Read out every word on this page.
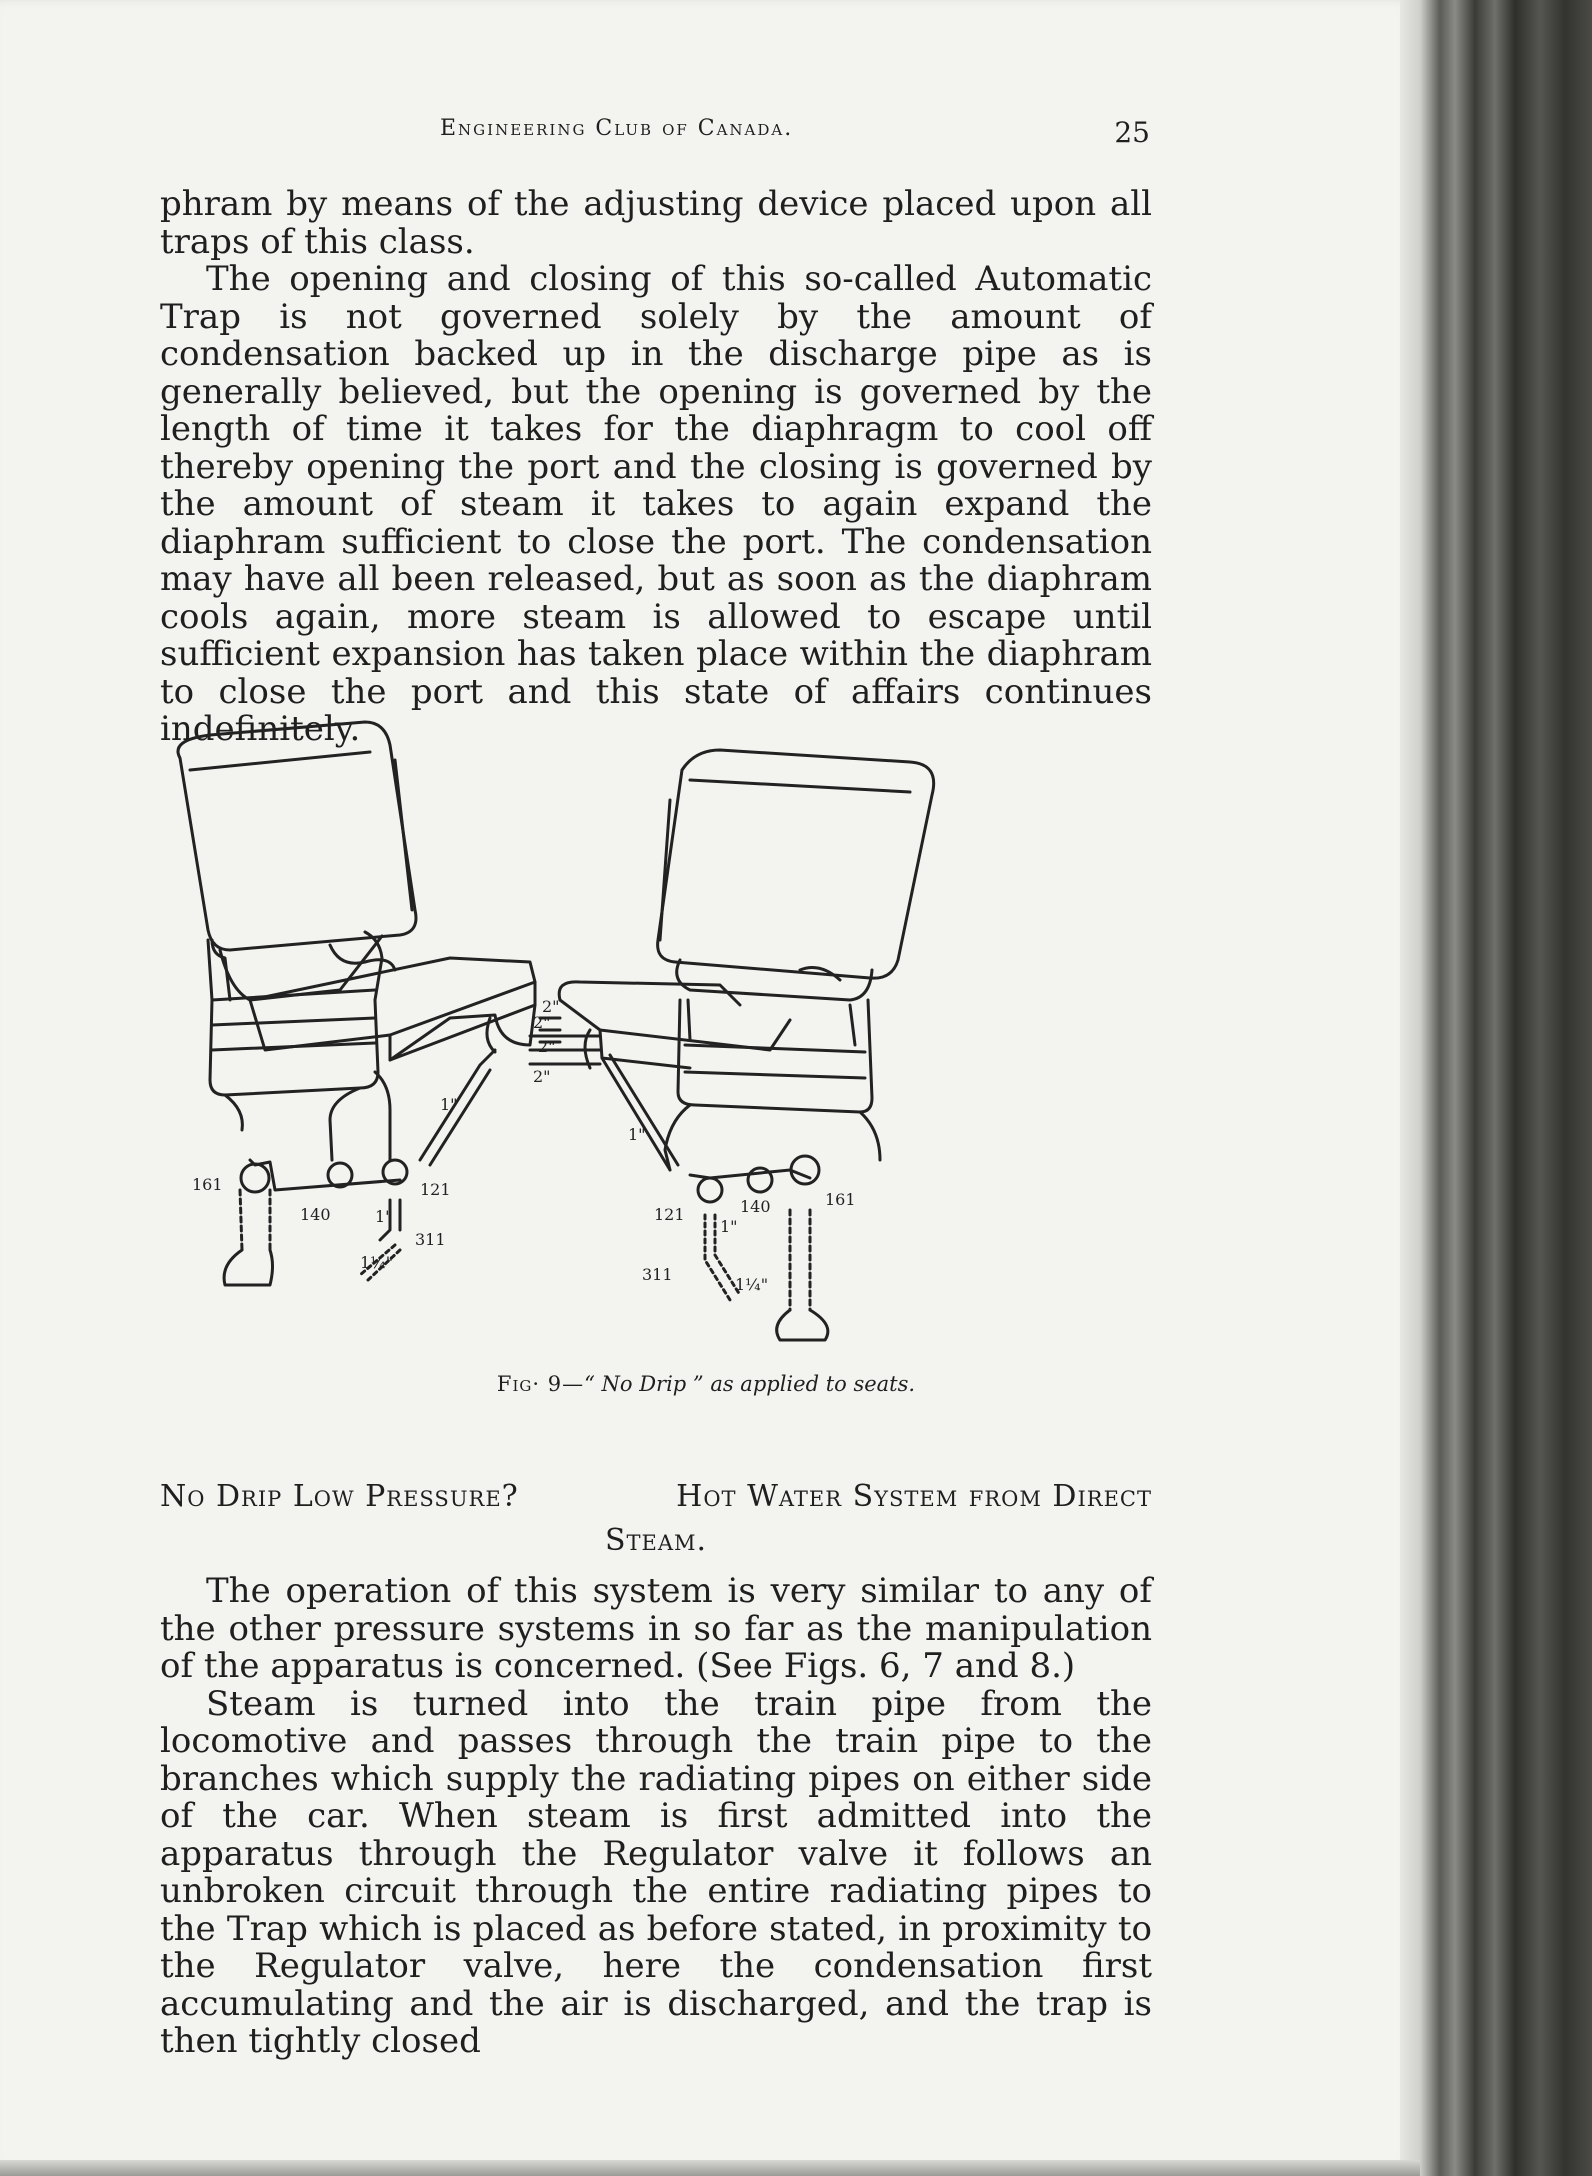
Engineering Club of Canada.	25

phram by means of the adjusting device placed upon all traps of this class.

The opening and closing of this so-called Automatic Trap is not governed solely by the amount of condensation backed up in the discharge pipe as is generally believed, but the opening is governed by the length of time it takes for the diaphragm to cool off thereby opening the port and the closing is governed by the amount of steam it takes to again expand the diaphram sufficient to close the port. The condensation may have all been released, but as soon as the diaphram cools again, more steam is allowed to escape until sufficient expansion has taken place within the diaphram to close the port and this state of affairs continues indefinitely.

2"
2"
1"
161
140
121
1"
311
1¼"
2"
2"
1"
121	140	161
1"
311
1¼"
Fig· 9—“ No Drip ” as applied to seats.
No Drip Low Pressure?	Hot Water System from Direct
Steam.

The operation of this system is very similar to any of the other pressure systems in so far as the manipulation of the apparatus is concerned. (See Figs. 6, 7 and 8.)

Steam is turned into the train pipe from the locomotive and passes through the train pipe to the branches which supply the radiating pipes on either side of the car. When steam is first admitted into the apparatus through the Regulator valve it follows an unbroken circuit through the entire radiating pipes to the Trap which is placed as before stated, in proximity to the Regulator valve, here the condensation first accumulating and the air is discharged, and the trap is then tightly closed
